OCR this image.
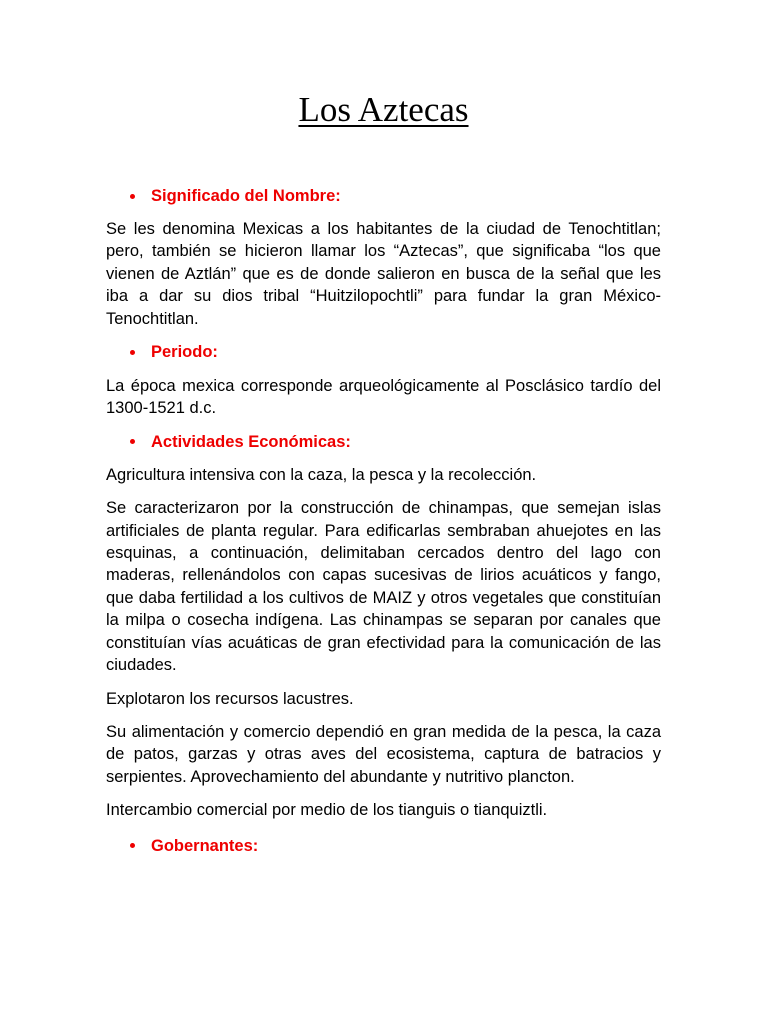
Los Aztecas
Significado del Nombre:

Se les denomina Mexicas a los habitantes de la ciudad de Tenochtitlan; pero, también se hicieron llamar los “Aztecas”, que significaba “los que vienen de Aztlán” que es de donde salieron en busca de la señal que les iba a dar su dios tribal “Huitzilopochtli” para fundar la gran México-Tenochtitlan.

Periodo:

La época mexica corresponde arqueológicamente al Posclásico tardío del 1300-1521 d.c.

Actividades Económicas:

Agricultura intensiva con la caza, la pesca y la recolección.

Se caracterizaron por la construcción de chinampas, que semejan islas artificiales de planta regular. Para edificarlas sembraban ahuejotes en las esquinas, a continuación, delimitaban cercados dentro del lago con maderas, rellenándolos con capas sucesivas de lirios acuáticos y fango, que daba fertilidad a los cultivos de MAIZ y otros vegetales que constituían la milpa o cosecha indígena. Las chinampas se separan por canales que constituían vías acuáticas de gran efectividad para la comunicación de las ciudades.

Explotaron los recursos lacustres.

Su alimentación y comercio dependió en gran medida de la pesca, la caza de patos, garzas y otras aves del ecosistema, captura de batracios y serpientes. Aprovechamiento del abundante y nutritivo plancton.

Intercambio comercial por medio de los tianguis o tianquiztli.

Gobernantes:
